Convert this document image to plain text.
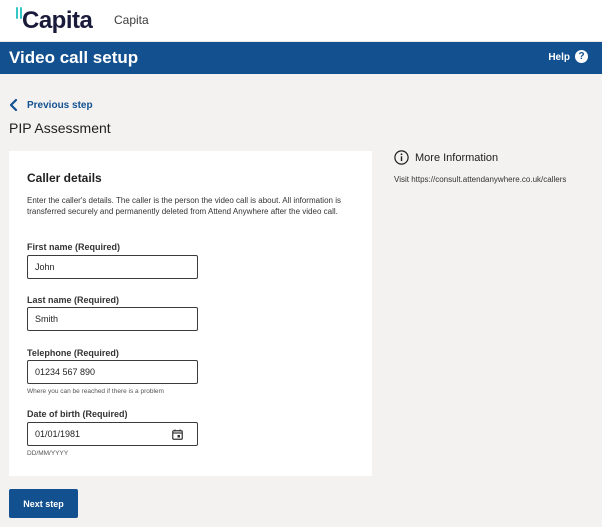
Capita Capita
Video call setup	Help ?
Previous step
PIP Assessment
Caller details
Enter the caller's details. The caller is the person the video call is about. All information is transferred securely and permanently deleted from Attend Anywhere after the video call.
First name (Required)
John
Last name (Required)
Smith
Telephone (Required)
01234 567 890
Where you can be reached if there is a problem
Date of birth (Required)
01/01/1981
DD/MM/YYYY
More Information
Visit https://consult.attendanywhere.co.uk/callers
Next step
